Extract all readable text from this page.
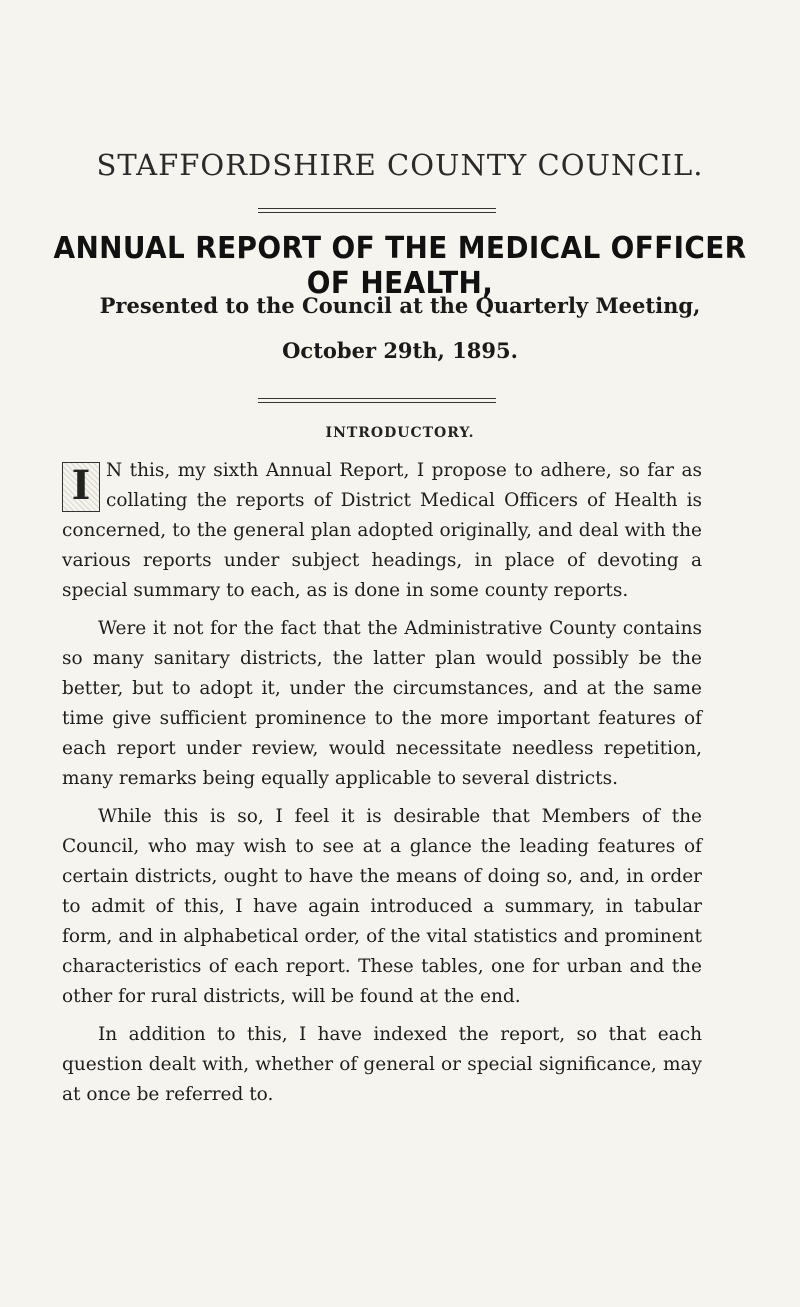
STAFFORDSHIRE COUNTY COUNCIL.
ANNUAL REPORT OF THE MEDICAL OFFICER OF HEALTH,
Presented to the Council at the Quarterly Meeting,
October 29th, 1895.
INTRODUCTORY.

I N this, my sixth Annual Report, I propose to adhere, so far as collating the reports of District Medical Officers of Health is concerned, to the general plan adopted originally, and deal with the various reports under subject headings, in place of devoting a special summary to each, as is done in some county reports.

Were it not for the fact that the Administrative County contains so many sanitary districts, the latter plan would possibly be the better, but to adopt it, under the circumstances, and at the same time give sufficient prominence to the more important features of each report under review, would necessitate needless repetition, many remarks being equally applicable to several districts.

While this is so, I feel it is desirable that Members of the Council, who may wish to see at a glance the leading features of certain districts, ought to have the means of doing so, and, in order to admit of this, I have again introduced a summary, in tabular form, and in alphabetical order, of the vital statistics and prominent characteristics of each report. These tables, one for urban and the other for rural districts, will be found at the end.

In addition to this, I have indexed the report, so that each question dealt with, whether of general or special significance, may at once be referred to.
